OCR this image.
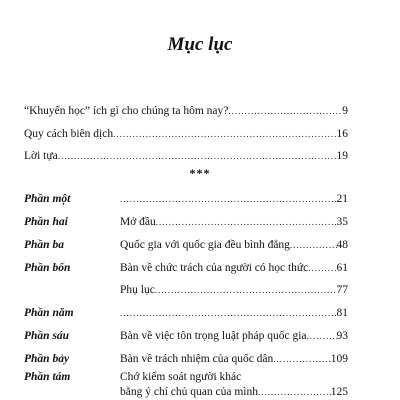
Mục lục
“Khuyến học” ích gì cho chúng ta hôm nay? .....	9
Quy cách biên dịch .....	16
Lời tựa .....	19
***
Phần một .....	21
Phần hai	Mở đầu .....	35
Phần ba	Quốc gia với quốc gia đều bình đẳng .....	48
Phần bốn	Bàn về chức trách của người có học thức ..... 61
Phụ lục .....	77
Phần năm .....	81
Phần sáu	Bàn về việc tôn trọng luật pháp quốc gia .....	93
Phần bảy	Bàn về trách nhiệm của quốc dân .....	109
Phần tám	Chớ kiểm soát người khác
bằng ý chí chủ quan của mình .....	125
